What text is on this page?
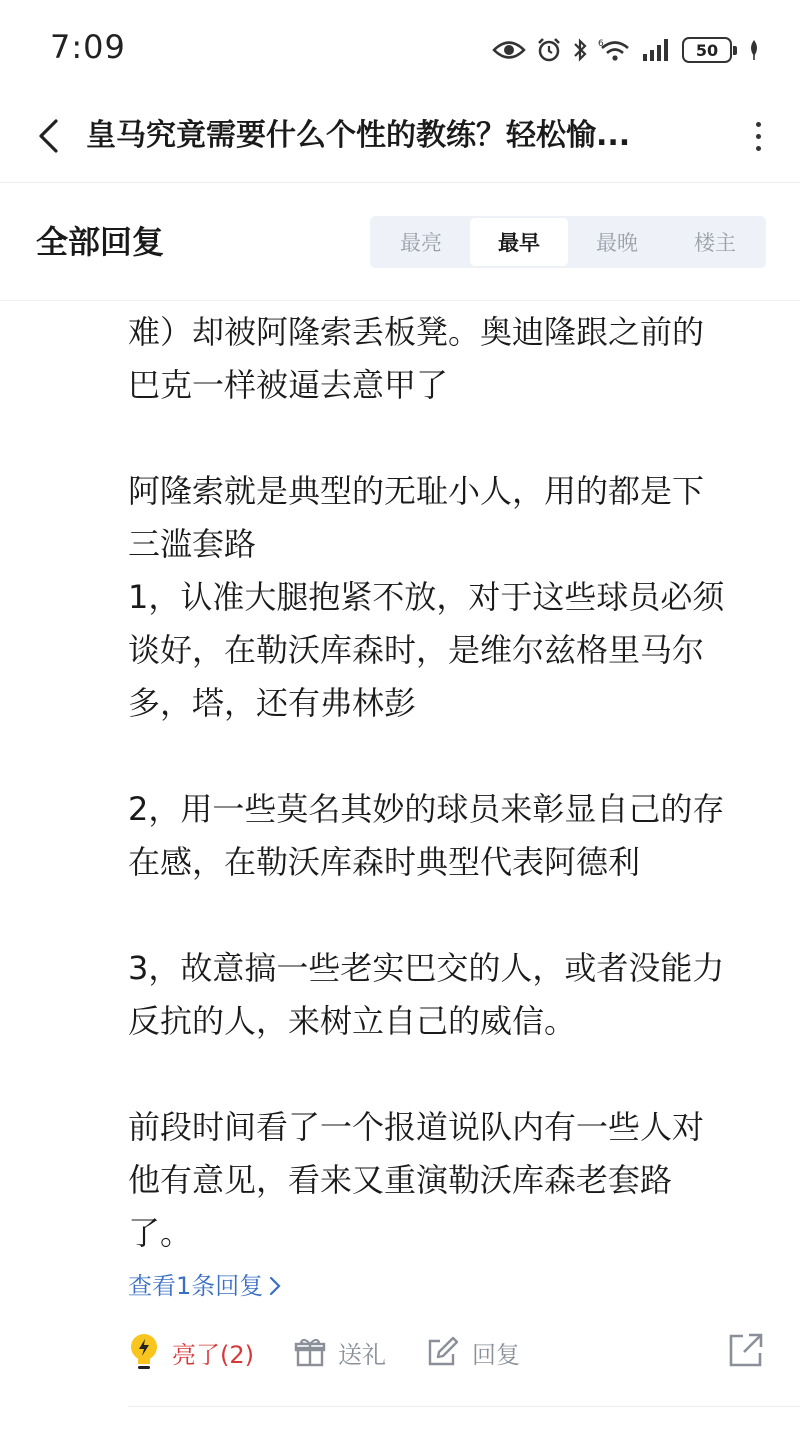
7:09	6	50
皇马究竟需要什么个性的教练？轻松愉...
全部回复	最亮	最早	最晚	楼主

难）却被阿隆索丢板凳。奥迪隆跟之前的
巴克一样被逼去意甲了

阿隆索就是典型的无耻小人，用的都是下
三滥套路
1，认准大腿抱紧不放，对于这些球员必须
谈好，在勒沃库森时，是维尔兹格里马尔
多，塔，还有弗林彭

2，用一些莫名其妙的球员来彰显自己的存
在感，在勒沃库森时典型代表阿德利

3，故意搞一些老实巴交的人，或者没能力
反抗的人，来树立自己的威信。

前段时间看了一个报道说队内有一些人对
他有意见，看来又重演勒沃库森老套路
了。

查看1条回复
亮了(2)	送礼	回复
